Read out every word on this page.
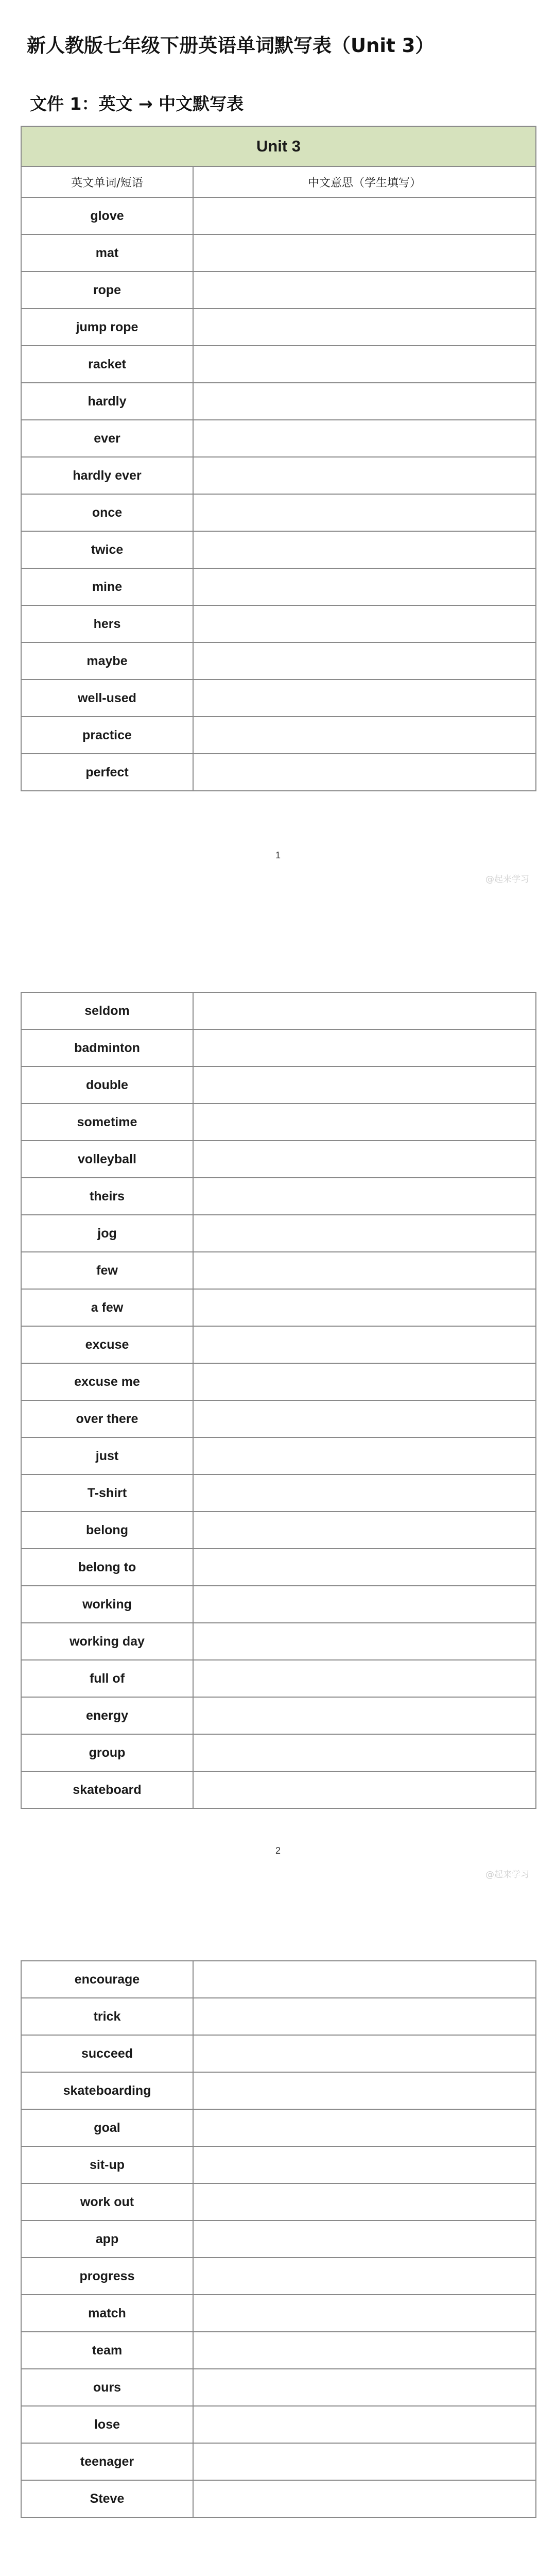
新人教版七年级下册英语单词默写表（Unit 3）
文件 1：英文 → 中文默写表
Unit 3	
英文单词/短语	中文意思（学生填写）
glove	
mat	
rope	
jump rope	
racket	
hardly	
ever	
hardly ever	
once	
twice	
mine	
hers	
maybe	
well-used	
practice	
perfect	
1
@起来学习
seldom	
badminton	
double	
sometime	
volleyball	
theirs	
jog	
few	
a few	
excuse	
excuse me	
over there	
just	
T-shirt	
belong	
belong to	
working	
working day	
full of	
energy	
group	
skateboard	
2
@起来学习
encourage	
trick	
succeed	
skateboarding	
goal	
sit-up	
work out	
app	
progress	
match	
team	
ours	
lose	
teenager	
Steve	
